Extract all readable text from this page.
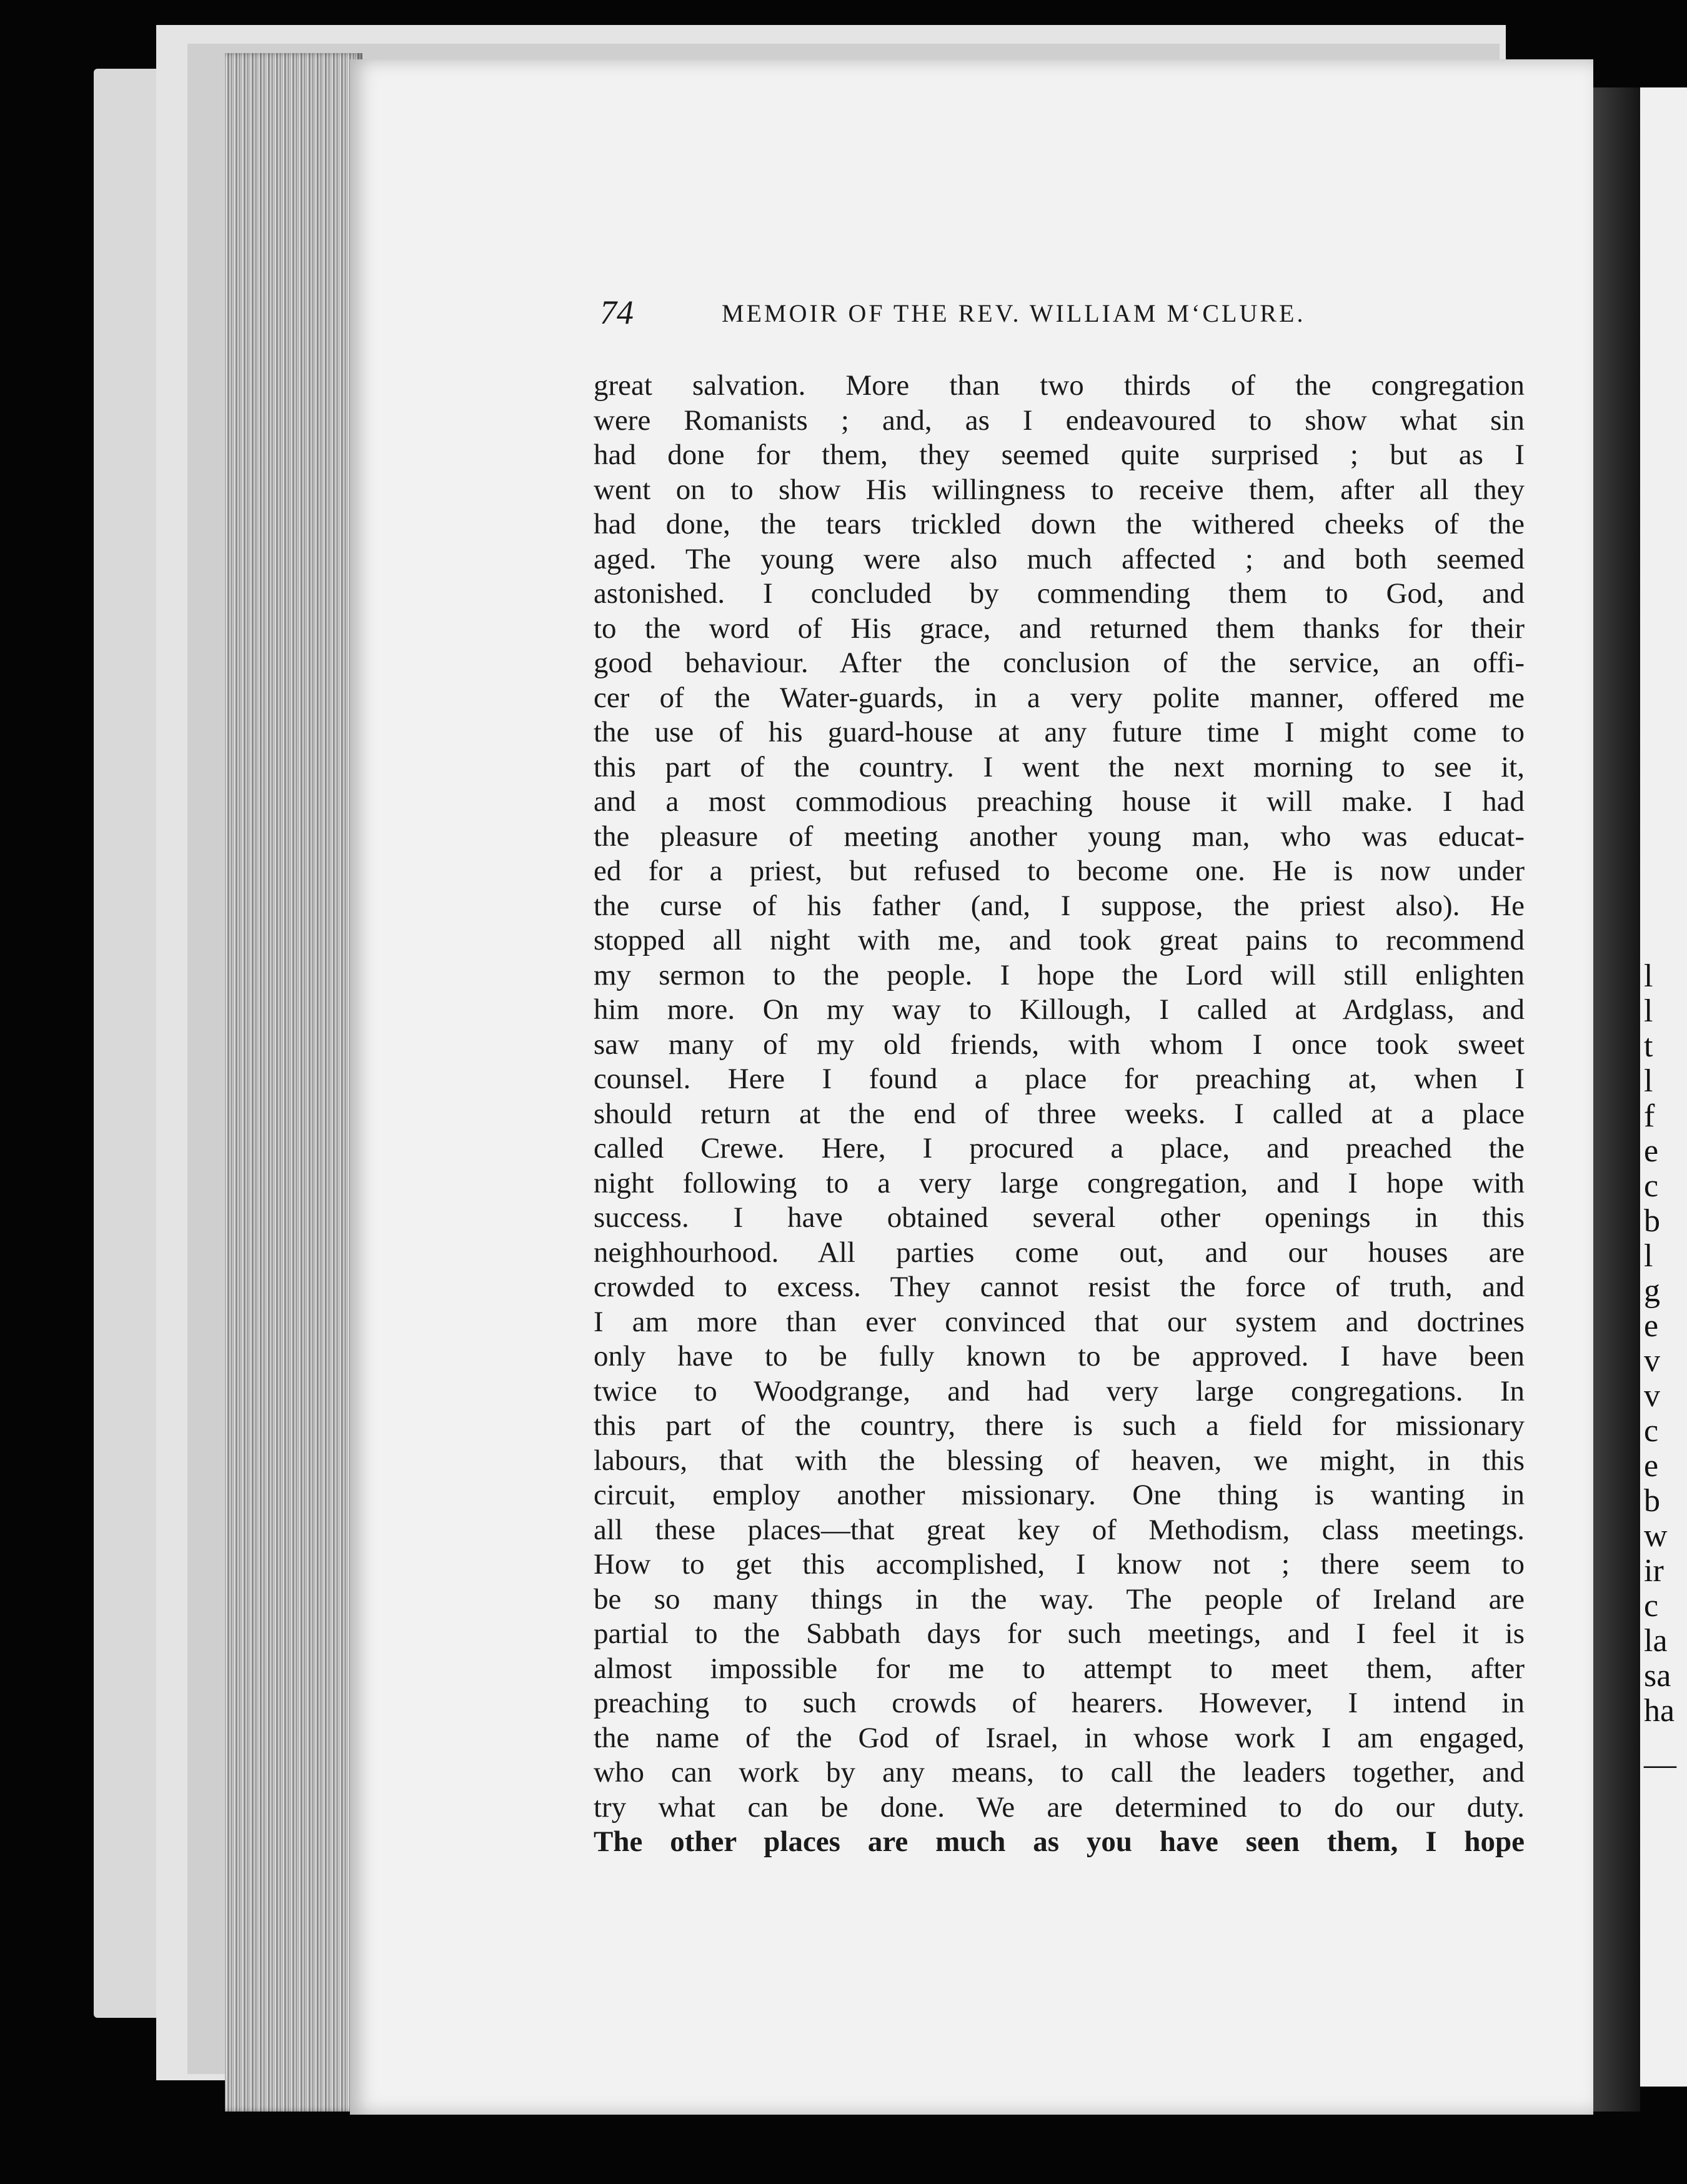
l
l
t
l
f
e
c
b
l
g
e
v
v
c
e
b
w
ir
c
la
sa
ha
—
74	MEMOIR OF THE REV. WILLIAM M‘CLURE.
great salvation. More than two thirds of the congregation
were Romanists ; and, as I endeavoured to show what sin
had done for them, they seemed quite surprised ; but as I
went on to show His willingness to receive them, after all they
had done, the tears trickled down the withered cheeks of the
aged. The young were also much affected ; and both seemed
astonished. I concluded by commending them to God, and
to the word of His grace, and returned them thanks for their
good behaviour. After the conclusion of the service, an offi-
cer of the Water-guards, in a very polite manner, offered me
the use of his guard-house at any future time I might come to
this part of the country. I went the next morning to see it,
and a most commodious preaching house it will make. I had
the pleasure of meeting another young man, who was educat-
ed for a priest, but refused to become one. He is now under
the curse of his father (and, I suppose, the priest also). He
stopped all night with me, and took great pains to recommend
my sermon to the people. I hope the Lord will still enlighten
him more. On my way to Killough, I called at Ardglass, and
saw many of my old friends, with whom I once took sweet
counsel. Here I found a place for preaching at, when I
should return at the end of three weeks. I called at a place
called Crewe. Here, I procured a place, and preached the
night following to a very large congregation, and I hope with
success. I have obtained several other openings in this
neighhourhood. All parties come out, and our houses are
crowded to excess. They cannot resist the force of truth, and
I am more than ever convinced that our system and doctrines
only have to be fully known to be approved. I have been
twice to Woodgrange, and had very large congregations. In
this part of the country, there is such a field for missionary
labours, that with the blessing of heaven, we might, in this
circuit, employ another missionary. One thing is wanting in
all these places—that great key of Methodism, class meetings.
How to get this accomplished, I know not ; there seem to
be so many things in the way. The people of Ireland are
partial to the Sabbath days for such meetings, and I feel it is
almost impossible for me to attempt to meet them, after
preaching to such crowds of hearers. However, I intend in
the name of the God of Israel, in whose work I am engaged,
who can work by any means, to call the leaders together, and
try what can be done. We are determined to do our duty.
The other places are much as you have seen them, I hope
